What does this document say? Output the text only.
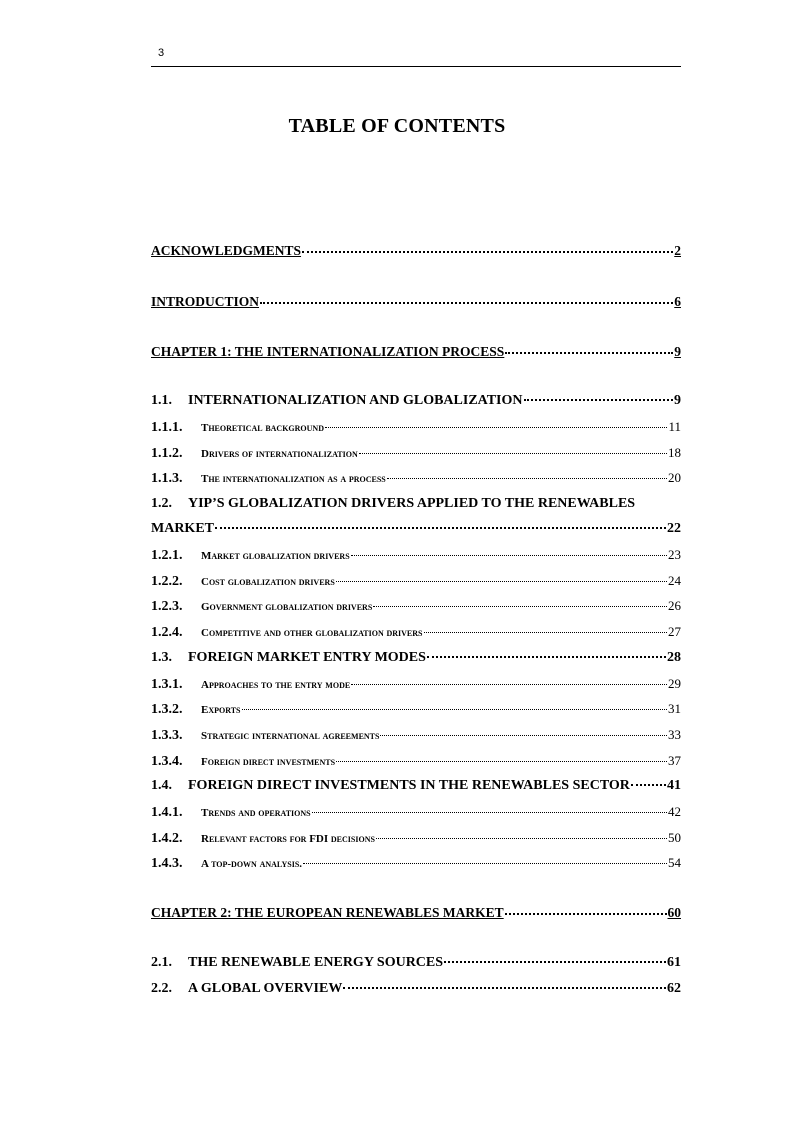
3
TABLE OF CONTENTS
ACKNOWLEDGMENTS	2
INTRODUCTION	6
CHAPTER 1: THE INTERNATIONALIZATION PROCESS	9
1.1.	INTERNATIONALIZATION AND GLOBALIZATION	9
1.1.1.	Theoretical background	11
1.1.2.	Drivers of internationalization	18
1.1.3.	The internationalization as a process	20
1.2.	YIP’S GLOBALIZATION DRIVERS APPLIED TO THE RENEWABLES
MARKET	22
1.2.1.	Market globalization drivers	23
1.2.2.	Cost globalization drivers	24
1.2.3.	Government globalization drivers	26
1.2.4.	Competitive and other globalization drivers	27
1.3.	FOREIGN MARKET ENTRY MODES	28
1.3.1.	Approaches to the entry mode	29
1.3.2.	Exports	31
1.3.3.	Strategic international agreements	33
1.3.4.	Foreign direct investments	37
1.4.	FOREIGN DIRECT INVESTMENTS IN THE RENEWABLES SECTOR	41
1.4.1.	Trends and operations	42
1.4.2.	Relevant factors for FDI decisions	50
1.4.3.	A top-down analysis.	54
CHAPTER 2: THE EUROPEAN RENEWABLES MARKET	60
2.1.	THE RENEWABLE ENERGY SOURCES	61
2.2.	A GLOBAL OVERVIEW	62
